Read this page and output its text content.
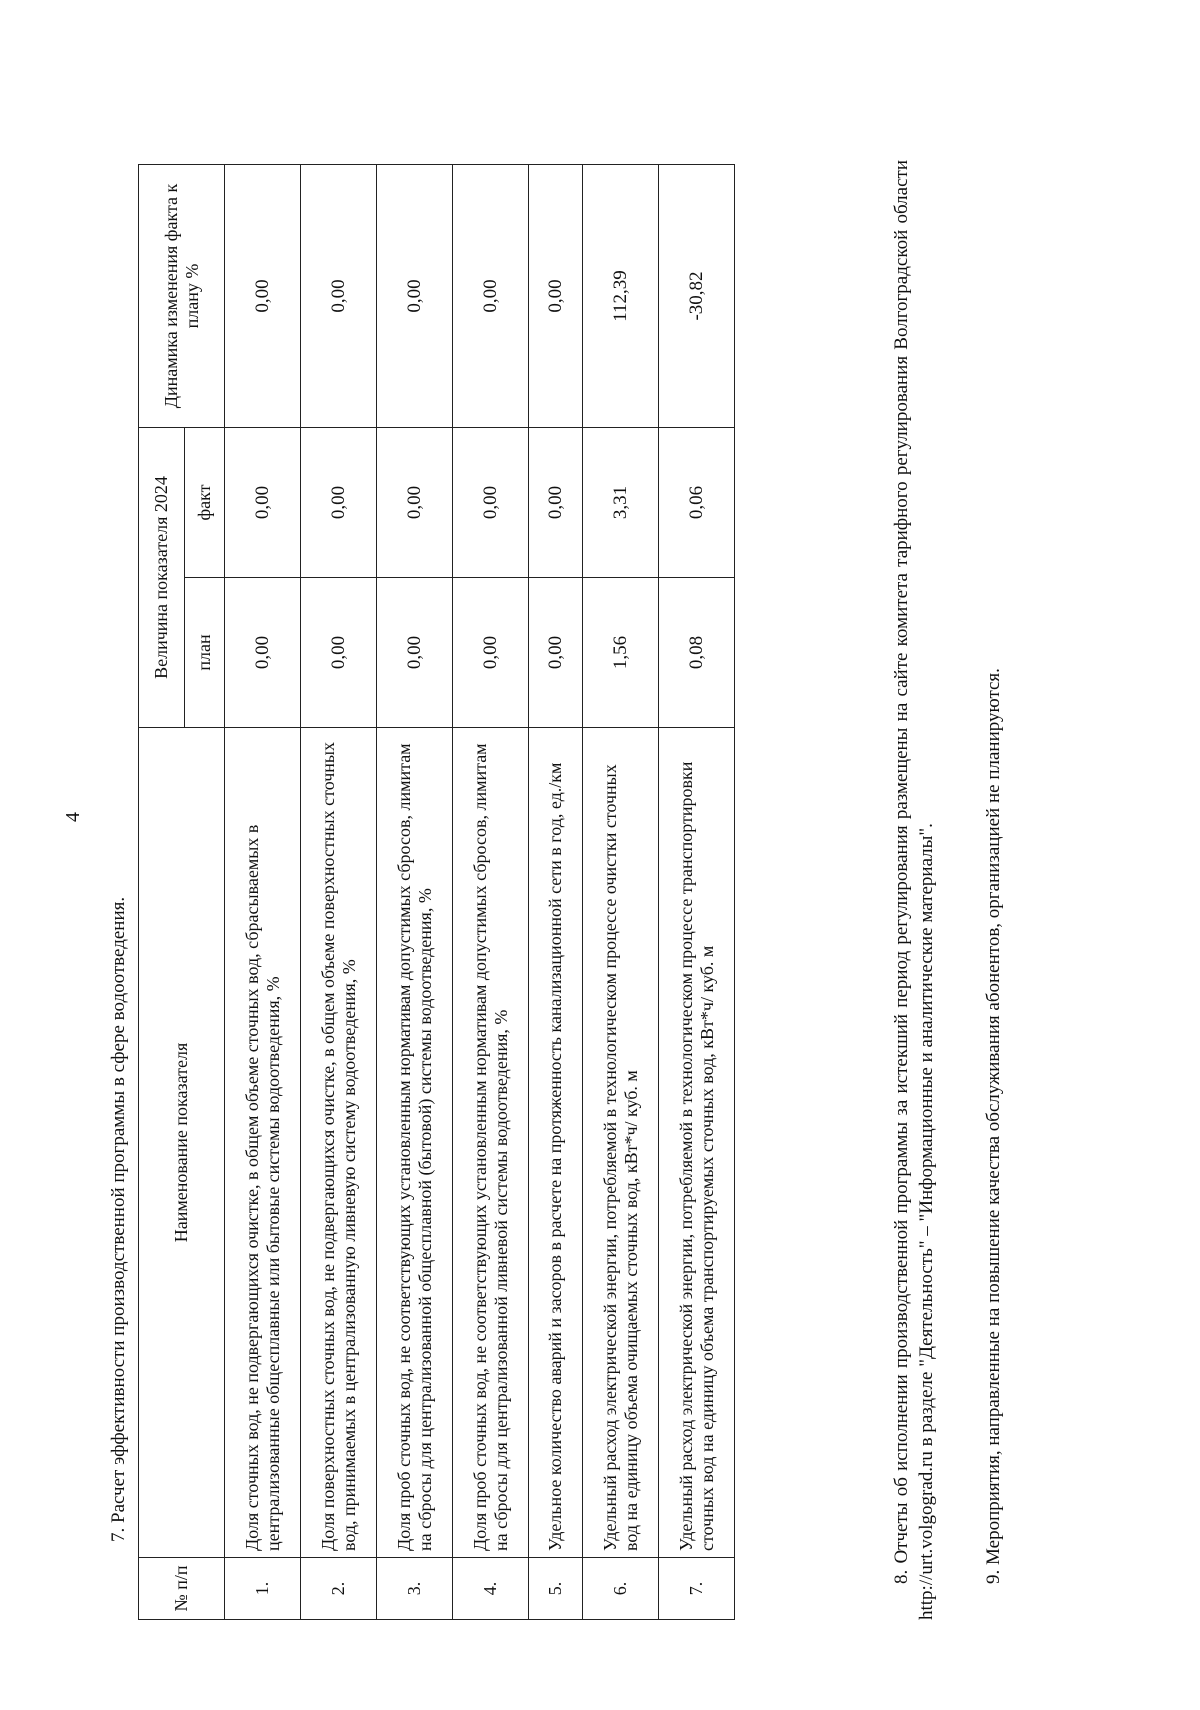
4
7. Расчет эффективности производственной программы в сфере водоотведения.
№ п/п	Наименование показателя	Величина показателя 2024		Динамика изменения факта к плану %
		план	факт	
1.	Доля сточных вод, не подвергающихся очистке, в общем объеме сточных вод, сбрасываемых в централизованные общесплавные или бытовые системы водоотведения, %	0,00	0,00	0,00
2.	Доля поверхностных сточных вод, не подвергающихся очистке, в общем объеме поверхностных сточных вод, принимаемых в централизованную ливневую систему водоотведения, %	0,00	0,00	0,00
3.	Доля проб сточных вод, не соответствующих установленным нормативам допустимых сбросов, лимитам на сбросы для централизованной общесплавной (бытовой) системы водоотведения, %	0,00	0,00	0,00
4.	Доля проб сточных вод, не соответствующих установленным нормативам допустимых сбросов, лимитам на сбросы для централизованной ливневой системы водоотведения, %	0,00	0,00	0,00
5.	Удельное количество аварий и засоров в расчете на протяженность канализационной сети в год, ед./км	0,00	0,00	0,00
6.	Удельный расход электрической энергии, потребляемой в технологическом процессе очистки сточных вод на единицу объема очищаемых сточных вод, кВт*ч/ куб. м	1,56	3,31	112,39
7.	Удельный расход электрической энергии, потребляемой в технологическом процессе транспортировки сточных вод на единицу объема транспортируемых сточных вод, кВт*ч/ куб. м	0,08	0,06	-30,82	8. Отчеты об исполнении производственной программы за истекший период регулирования размещены на сайте комитета тарифного регулирования Волгоградской области http://urt.volgograd.ru в разделе "Деятельность" – "Информационные и аналитические материалы". 9. Мероприятия, направленные на повышение качества обслуживания абонентов, организацией не планируются.
